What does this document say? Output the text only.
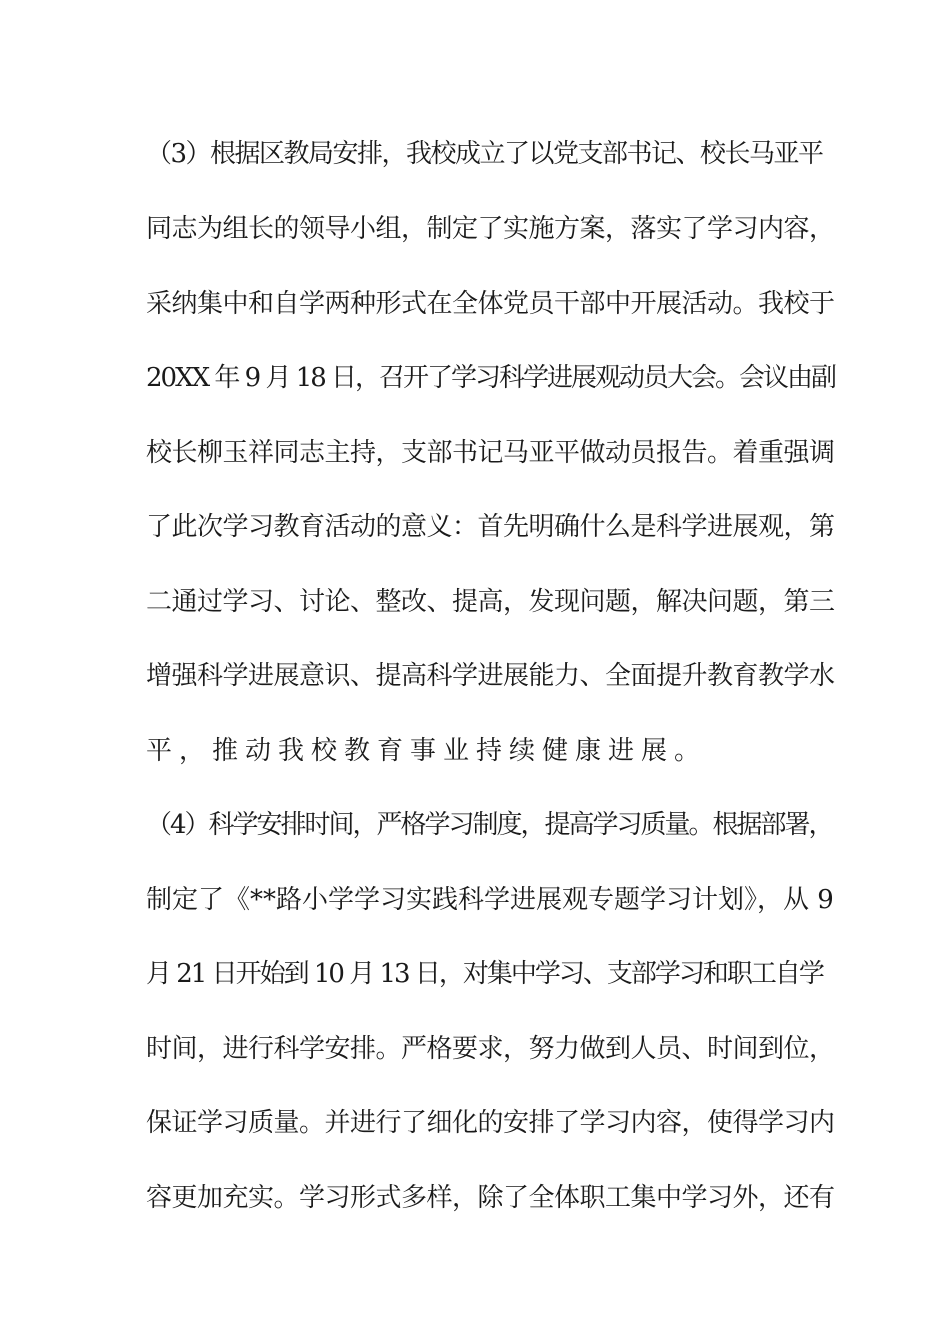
（3）根据区教局安排，我校成立了以党支部书记、校长马亚平
同志为组长的领导小组，制定了实施方案，落实了学习内容，
采纳集中和自学两种形式在全体党员干部中开展活动。我校于
20XX 年 9 月 18 日，召开了学习科学进展观动员大会。会议由副
校长柳玉祥同志主持，支部书记马亚平做动员报告。着重强调
了此次学习教育活动的意义：首先明确什么是科学进展观，第
二通过学习、讨论、整改、提高，发现问题，解决问题，第三
增强科学进展意识、提高科学进展能力、全面提升教育教学水
平，推动我校教育事业持续健康进展。
（4）科学安排时间，严格学习制度，提高学习质量。根据部署，
制定了《**路小学学习实践科学进展观专题学习计划》，从 9
月 21 日开始到 10 月 13 日，对集中学习、支部学习和职工自学
时间，进行科学安排。严格要求，努力做到人员、时间到位，
保证学习质量。并进行了细化的安排了学习内容，使得学习内
容更加充实。学习形式多样，除了全体职工集中学习外，还有
